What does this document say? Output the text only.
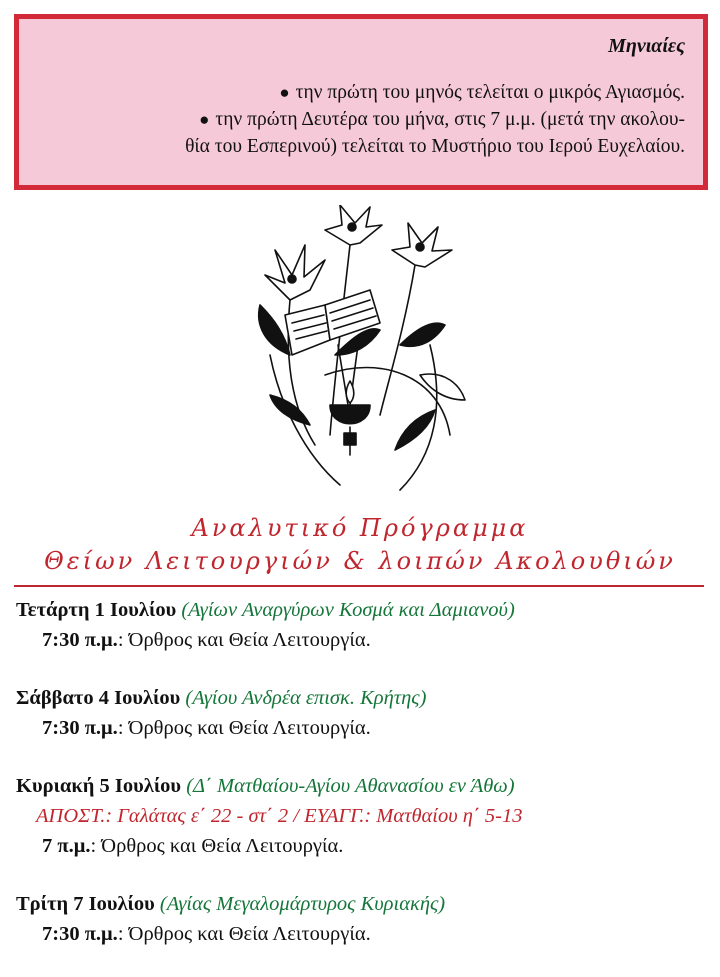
Μηνιαίες
● την πρώτη του μηνός τελείται ο μικρός Αγιασμός.
● την πρώτη Δευτέρα του μήνα, στις 7 μ.μ. (μετά την ακολου-
θία του Εσπερινού) τελείται το Μυστήριο του Ιερού Ευχελαίου.
Αναλυτικό Πρόγραμμα
Θείων Λειτουργιών & λοιπών Ακολουθιών
Τετάρτη 1 Ιουλίου (Αγίων Αναργύρων Κοσμά και Δαμιανού)
7:30 π.μ.: Όρθρος και Θεία Λειτουργία.
Σάββατο 4 Ιουλίου (Αγίου Ανδρέα επισκ. Κρήτης)
7:30 π.μ.: Όρθρος και Θεία Λειτουργία.
Κυριακή 5 Ιουλίου (Δ΄ Ματθαίου-Αγίου Αθανασίου εν Άθω)
ΑΠΟΣΤ.: Γαλάτας ε΄ 22 - στ΄ 2 / ΕΥΑΓΓ.: Ματθαίου η΄ 5-13
7 π.μ.: Όρθρος και Θεία Λειτουργία.
Τρίτη 7 Ιουλίου (Αγίας Μεγαλομάρτυρος Κυριακής)
7:30 π.μ.: Όρθρος και Θεία Λειτουργία.
